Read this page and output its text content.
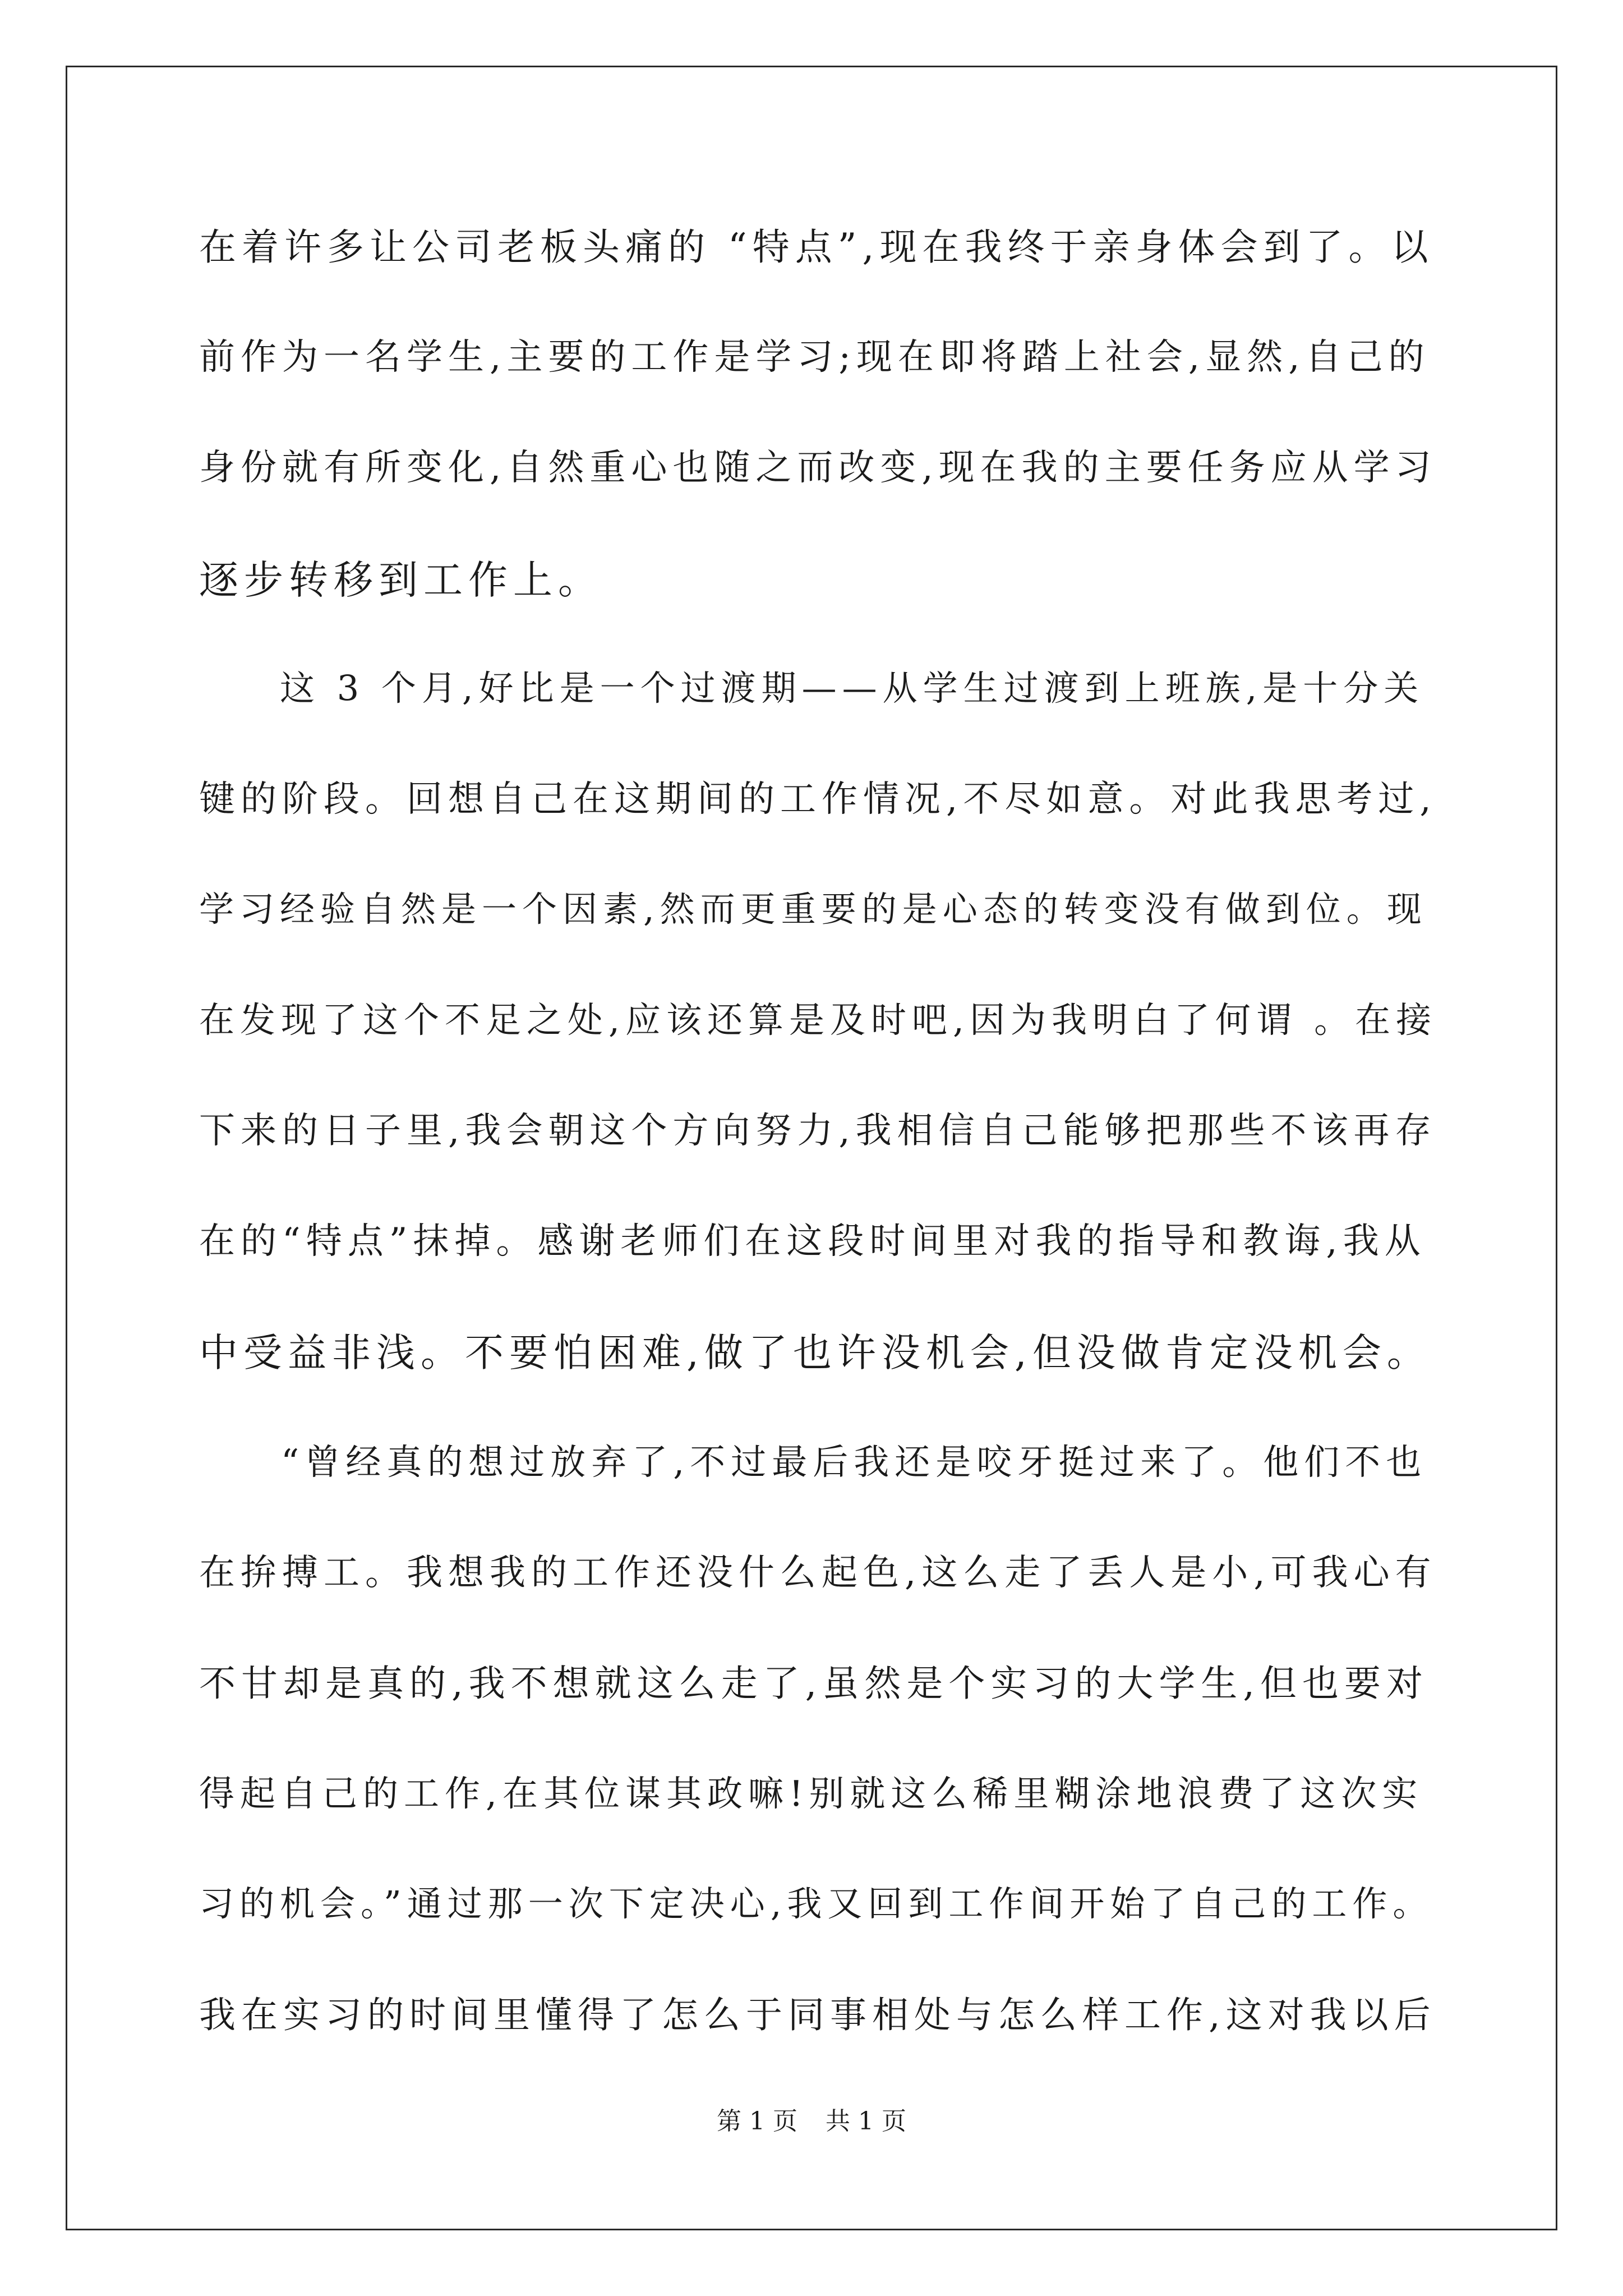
在着许多让公司老板头痛的 “特点”,现在我终于亲身体会到了。以
前作为一名学生,主要的工作是学习;现在即将踏上社会,显然,自己的
身份就有所变化,自然重心也随之而改变,现在我的主要任务应从学习
逐步转移到工作上。
　　这 3 个月,好比是一个过渡期——从学生过渡到上班族,是十分关
键的阶段。回想自己在这期间的工作情况,不尽如意。对此我思考过,
学习经验自然是一个因素,然而更重要的是心态的转变没有做到位。现
在发现了这个不足之处,应该还算是及时吧,因为我明白了何谓 。在接
下来的日子里,我会朝这个方向努力,我相信自己能够把那些不该再存
在的“特点”抹掉。感谢老师们在这段时间里对我的指导和教诲,我从
中受益非浅。不要怕困难,做了也许没机会,但没做肯定没机会。
　　“曾经真的想过放弃了,不过最后我还是咬牙挺过来了。他们不也
在拚搏工。我想我的工作还没什么起色,这么走了丢人是小,可我心有
不甘却是真的,我不想就这么走了,虽然是个实习的大学生,但也要对
得起自己的工作,在其位谋其政嘛!别就这么稀里糊涂地浪费了这次实
习的机会。”通过那一次下定决心,我又回到工作间开始了自己的工作。
我在实习的时间里懂得了怎么于同事相处与怎么样工作,这对我以后
第 1 页 共 1 页
